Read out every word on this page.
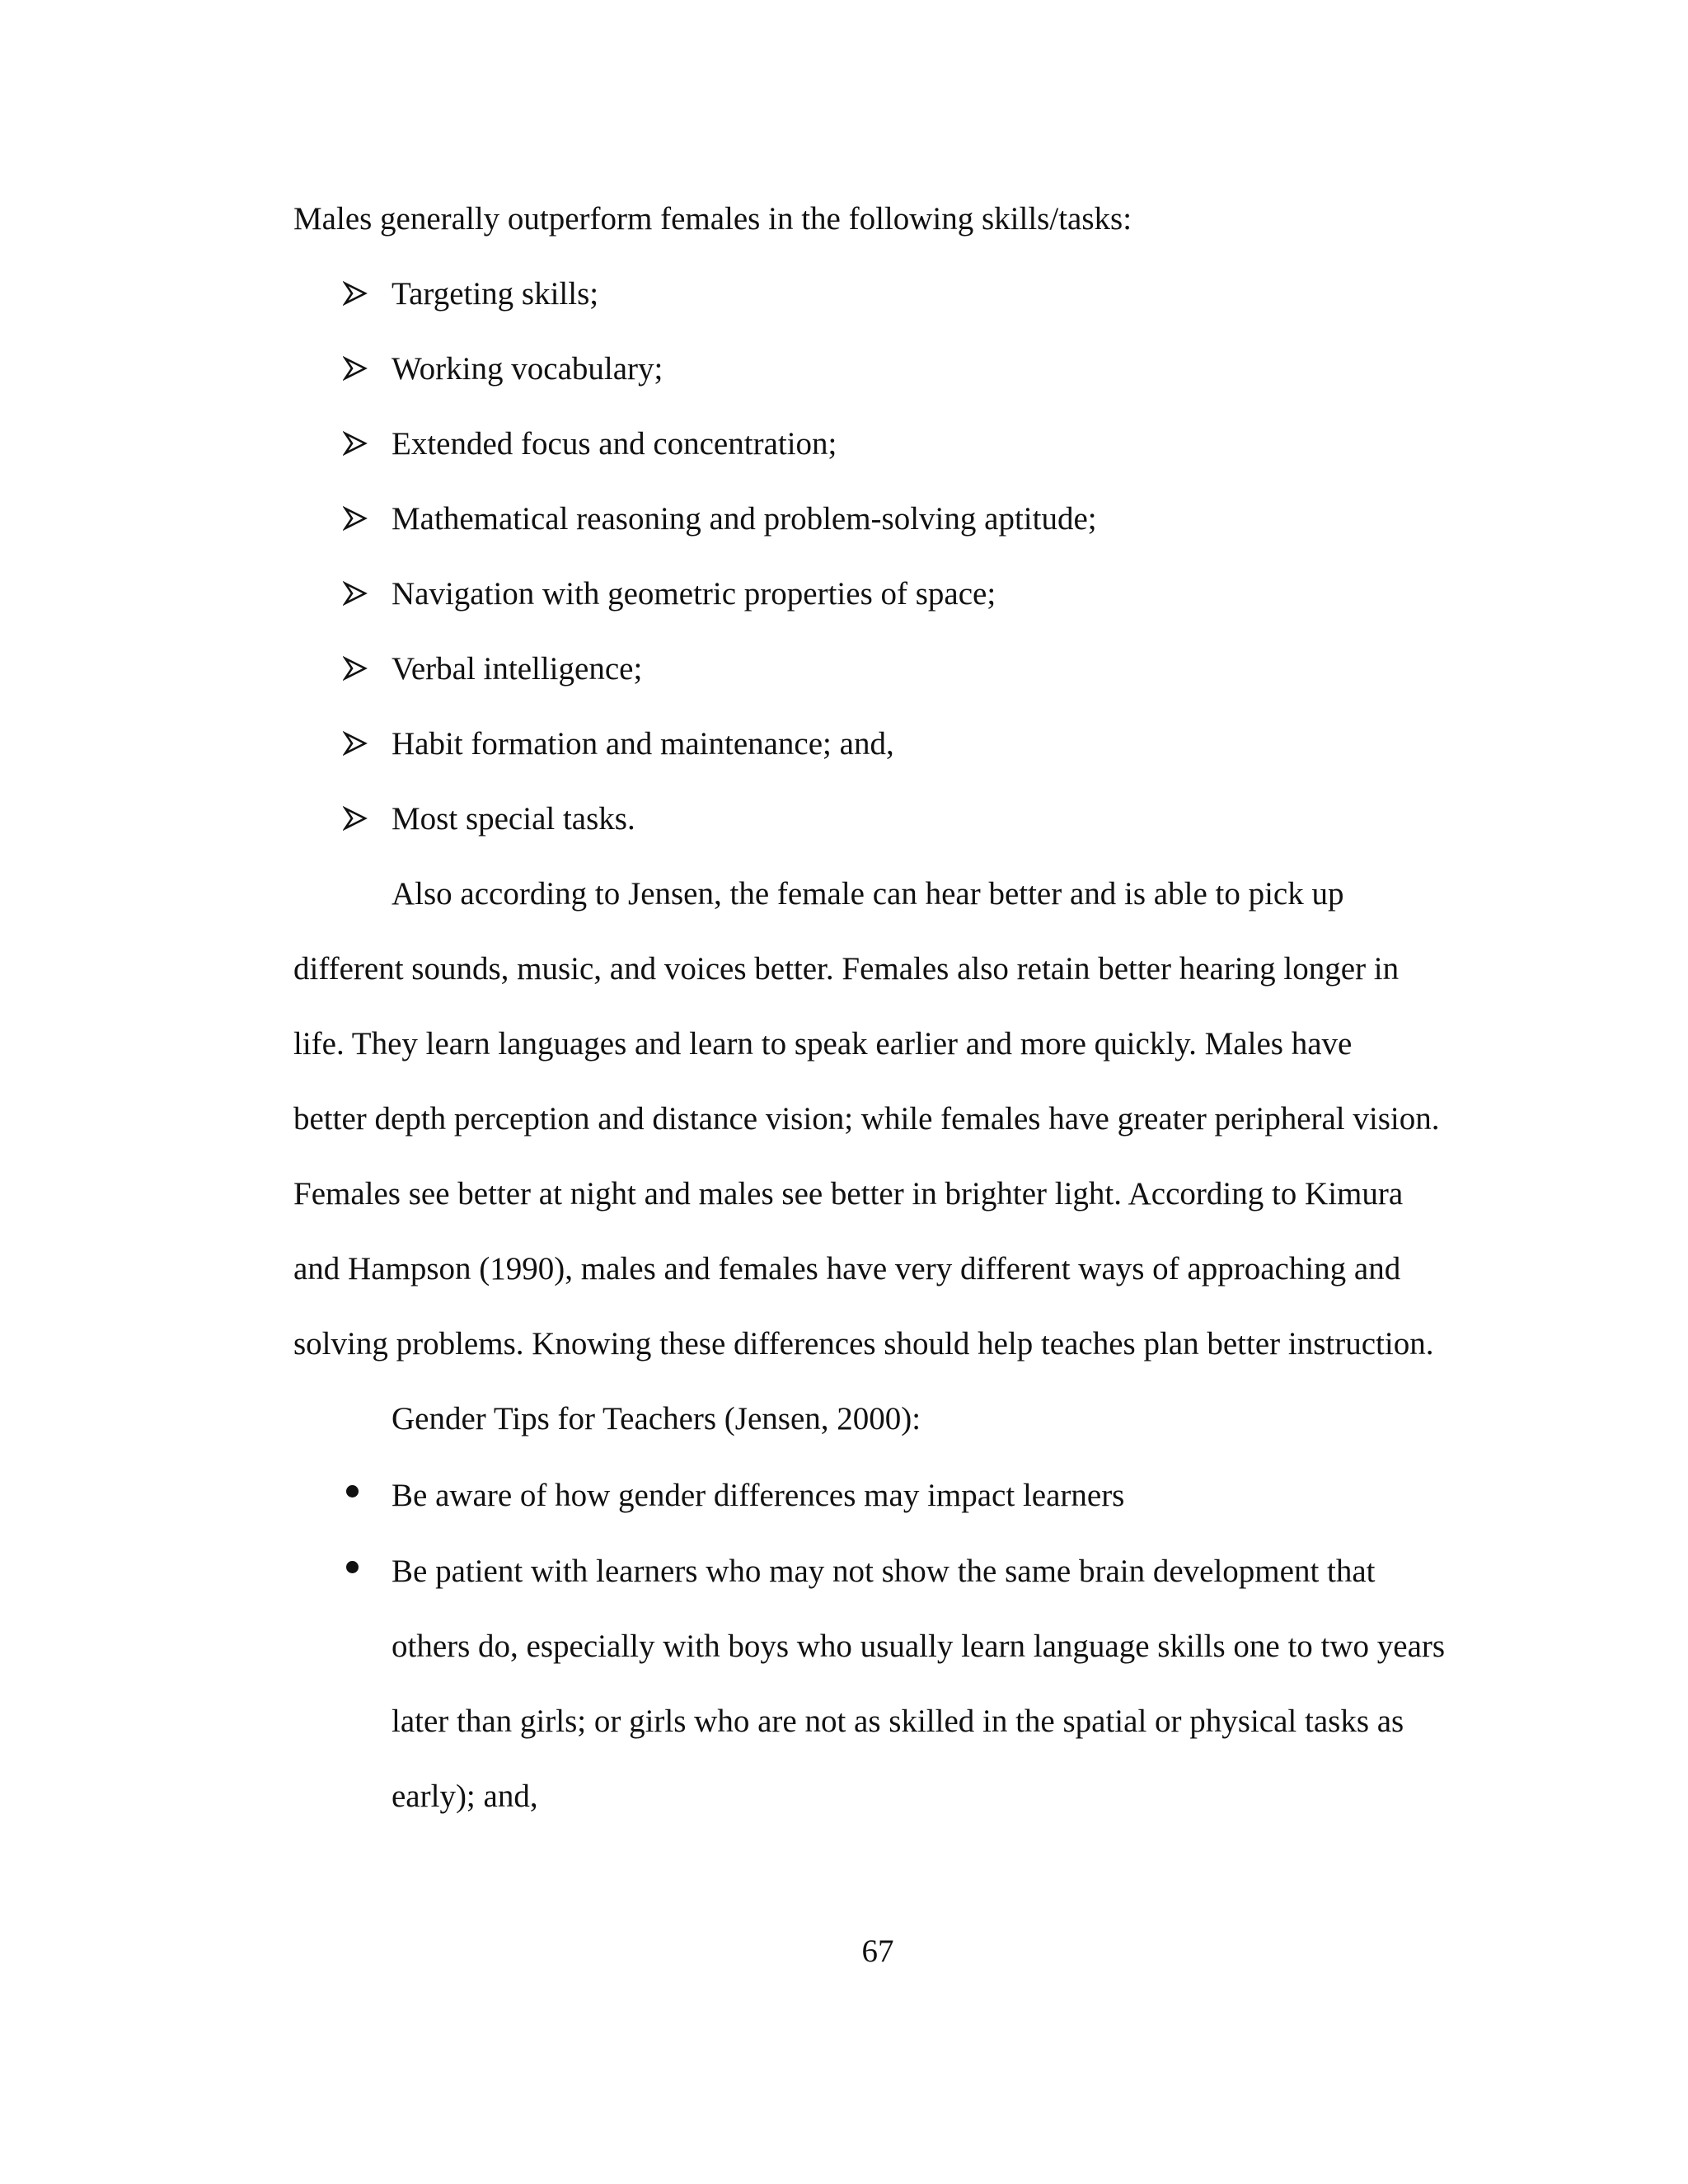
Males generally outperform females in the following skills/tasks:
Targeting skills;
Working vocabulary;
Extended focus and concentration;
Mathematical reasoning and problem-solving aptitude;
Navigation with geometric properties of space;
Verbal intelligence;
Habit formation and maintenance; and,
Most special tasks.
Also according to Jensen, the female can hear better and is able to pick up
different sounds, music, and voices better. Females also retain better hearing longer in
life. They learn languages and learn to speak earlier and more quickly. Males have
better depth perception and distance vision; while females have greater peripheral vision.
Females see better at night and males see better in brighter light. According to Kimura
and Hampson (1990), males and females have very different ways of approaching and
solving problems. Knowing these differences should help teaches plan better instruction.
Gender Tips for Teachers (Jensen, 2000):
Be aware of how gender differences may impact learners
Be patient with learners who may not show the same brain development that
others do, especially with boys who usually learn language skills one to two years
later than girls; or girls who are not as skilled in the spatial or physical tasks as
early); and,
67
